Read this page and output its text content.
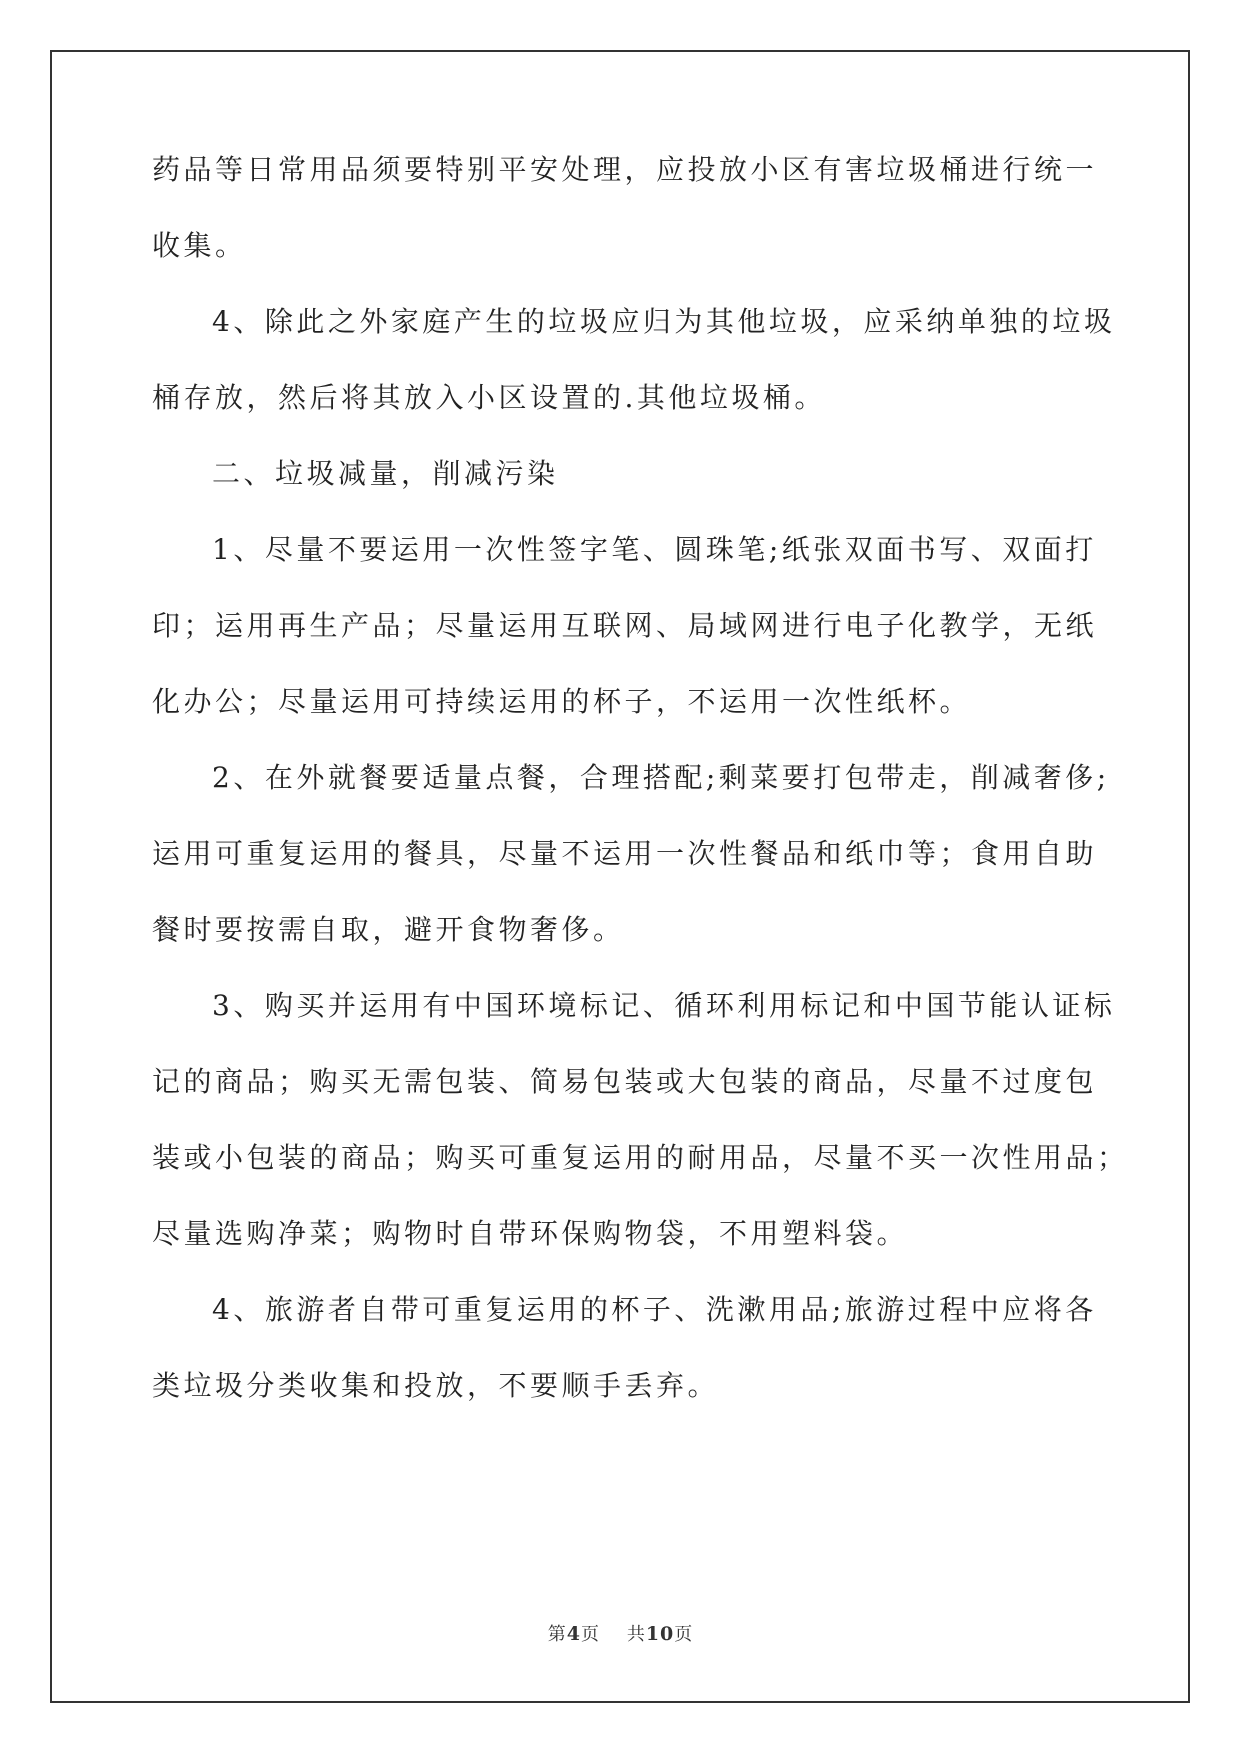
药品等日常用品须要特别平安处理，应投放小区有害垃圾桶进行统一
收集。
4、除此之外家庭产生的垃圾应归为其他垃圾，应采纳单独的垃圾
桶存放，然后将其放入小区设置的.其他垃圾桶。
二、垃圾减量，削减污染
1、尽量不要运用一次性签字笔、圆珠笔;纸张双面书写、双面打
印；运用再生产品；尽量运用互联网、局域网进行电子化教学，无纸
化办公；尽量运用可持续运用的杯子，不运用一次性纸杯。
2、在外就餐要适量点餐，合理搭配;剩菜要打包带走，削减奢侈;
运用可重复运用的餐具，尽量不运用一次性餐品和纸巾等；食用自助
餐时要按需自取，避开食物奢侈。
3、购买并运用有中国环境标记、循环利用标记和中国节能认证标
记的商品；购买无需包装、简易包装或大包装的商品，尽量不过度包
装或小包装的商品；购买可重复运用的耐用品，尽量不买一次性用品；
尽量选购净菜；购物时自带环保购物袋，不用塑料袋。
4、旅游者自带可重复运用的杯子、洗漱用品;旅游过程中应将各
类垃圾分类收集和投放，不要顺手丢弃。
第4页 共10页
